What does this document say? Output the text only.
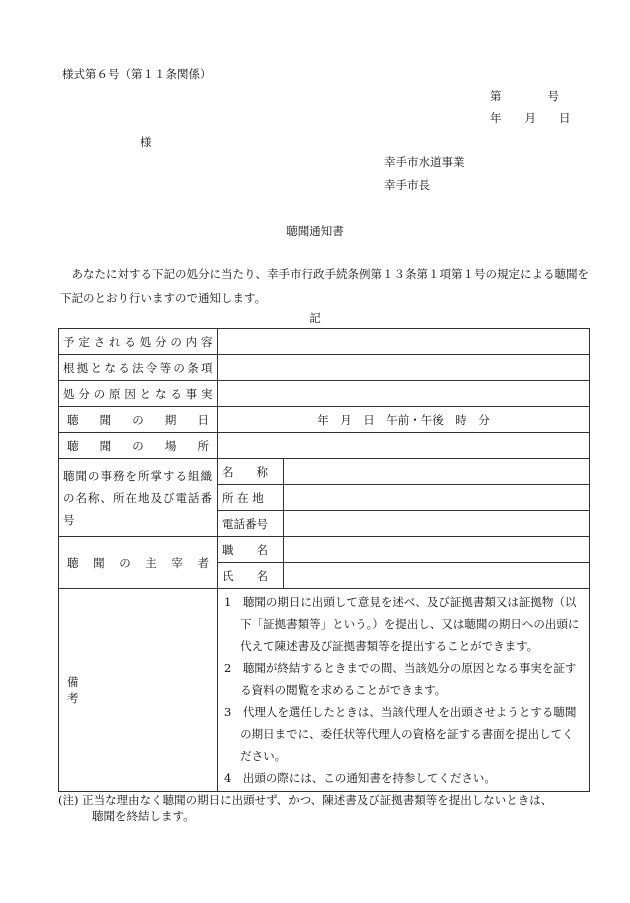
様式第６号（第１１条関係）
第　　　　号
年　　月　　日
様
幸手市水道事業
幸手市長
聴聞通知書
あなたに対する下記の処分に当たり、幸手市行政手続条例第１３条第１項第１号の規定による聴聞を下記のとおり行いますので通知します。
記
予定される処分の内容		
根拠となる法令等の条項		
処分の原因となる事実		
聴聞の期日	年　月　日　午前・午後　時　分	
聴聞の場所		
聴聞の事務を所掌する組織の名称、所在地及び電話番号	名　　称	
	所 在 地	
	電話番号	
聴聞の主宰者	職　　名	
	氏　　名	
備　　　　　　　　　　　　　考	1　聴聞の期日に出頭して意見を述べ、及び証拠書類又は証拠物（以下「証拠書類等」という。）を提出し、又は聴聞の期日への出頭に代えて陳述書及び証拠書類等を提出することができます。
2　聴聞が終結するときまでの間、当該処分の原因となる事実を証する資料の閲覧を求めることができます。
3　代理人を選任したときは、当該代理人を出頭させようとする聴聞の期日までに、委任状等代理人の資格を証する書面を提出してください。
4　出頭の際には、この通知書を持参してください。	
(注) 正当な理由なく聴聞の期日に出頭せず、かつ、陳述書及び証拠書類等を提出しないときは、
聴聞を終結します。
